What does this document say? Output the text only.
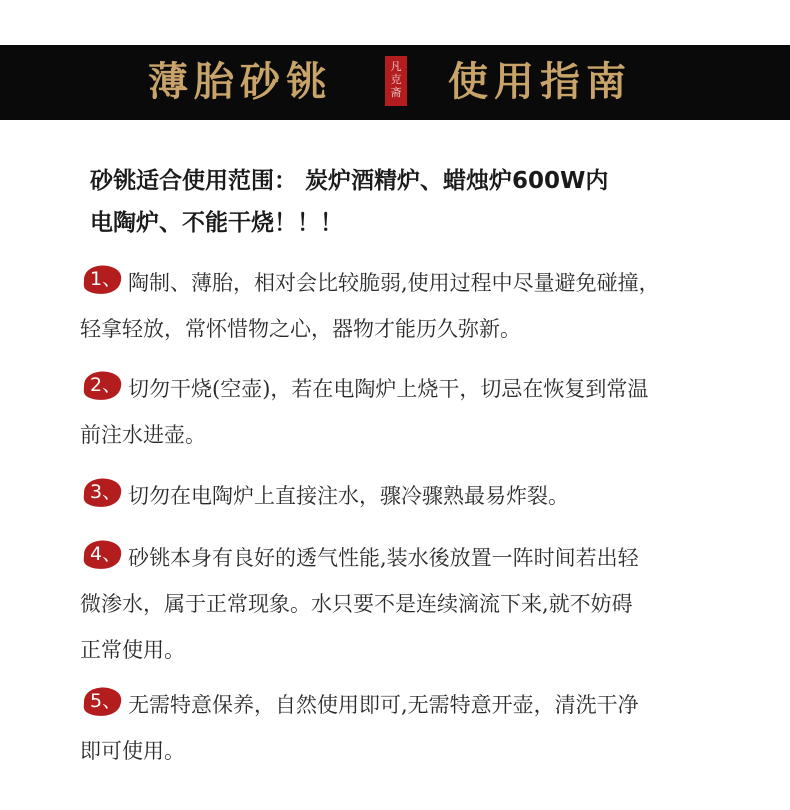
薄胎砂铫	凡
克
斋 使用指南
砂铫适合使用范围： 炭炉酒精炉、蜡烛炉600W内
电陶炉、不能干烧！！！
1、 陶制、薄胎，相对会比较脆弱,使用过程中尽量避免碰撞，
轻拿轻放，常怀惜物之心，器物才能历久弥新。
2、 切勿干烧(空壶)，若在电陶炉上烧干，切忌在恢复到常温
前注水进壶。
3、 切勿在电陶炉上直接注水，骤冷骤熟最易炸裂。
4、 砂铫本身有良好的透气性能,装水後放置一阵时间若出轻
微渗水，属于正常现象。水只要不是连续滴流下来,就不妨碍
正常使用。
5、 无需特意保养，自然使用即可,无需特意开壶，清洗干净
即可使用。
